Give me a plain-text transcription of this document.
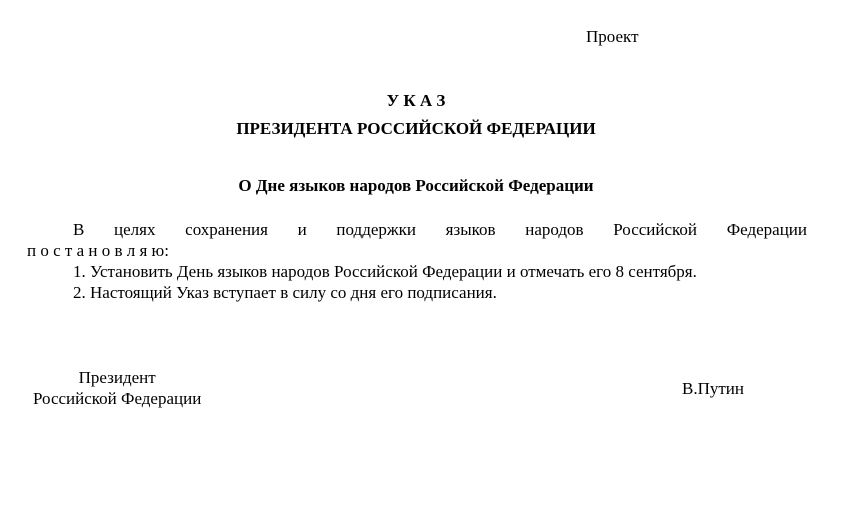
Проект
У К А З
ПРЕЗИДЕНТА РОССИЙСКОЙ ФЕДЕРАЦИИ
О Дне языков народов Российской Федерации
В целях сохранения и поддержки языков народов Российской Федерации
п о с т а н о в л я ю:

1. Установить День языков народов Российской Федерации и отмечать его 8 сентября.

2. Настоящий Указ вступает в силу со дня его подписания.

Президент
Российской Федерации
В.Путин
